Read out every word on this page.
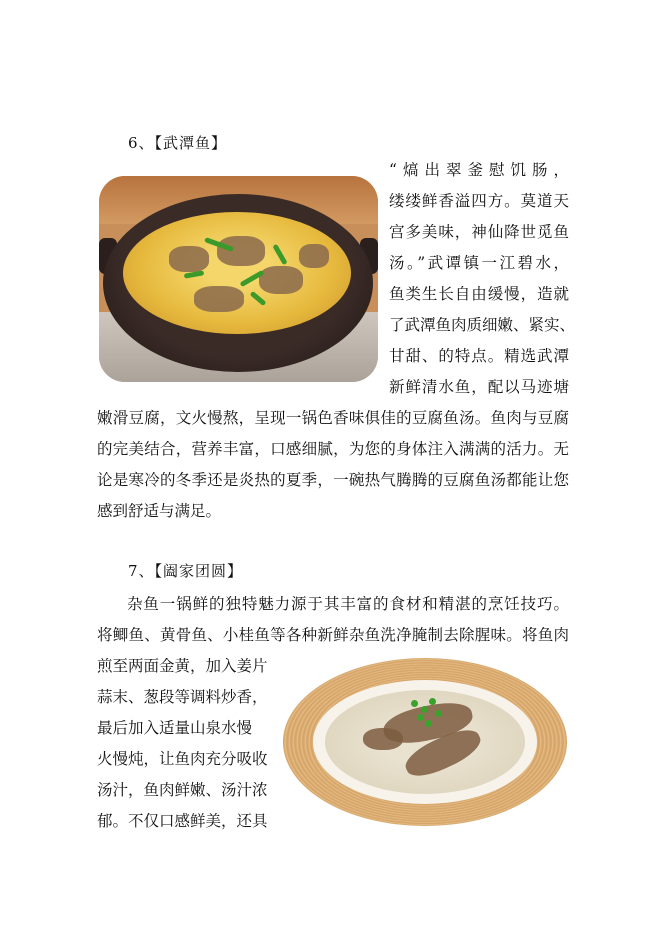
6、【武潭鱼】
“熇出翠釜慰饥肠，
缕缕鲜香溢四方。莫道天
宫多美味，神仙降世觅鱼
汤。”武谭镇一江碧水，
鱼类生长自由缓慢，造就
了武潭鱼肉质细嫩、紧实、
甘甜、的特点。精选武潭
新鲜清水鱼，配以马迹塘
嫩滑豆腐，文火慢熬，呈现一锅色香味俱佳的豆腐鱼汤。鱼肉与豆腐
的完美结合，营养丰富，口感细腻，为您的身体注入满满的活力。无
论是寒冷的冬季还是炎热的夏季，一碗热气腾腾的豆腐鱼汤都能让您
感到舒适与满足。
7、【阖家团圆】
杂鱼一锅鲜的独特魅力源于其丰富的食材和精湛的烹饪技巧。
将鲫鱼、黄骨鱼、小桂鱼等各种新鲜杂鱼洗净腌制去除腥味。将鱼肉
煎至两面金黄，加入姜片
蒜末、葱段等调料炒香，
最后加入适量山泉水慢
火慢炖，让鱼肉充分吸收
汤汁，鱼肉鲜嫩、汤汁浓
郁。不仅口感鲜美，还具
